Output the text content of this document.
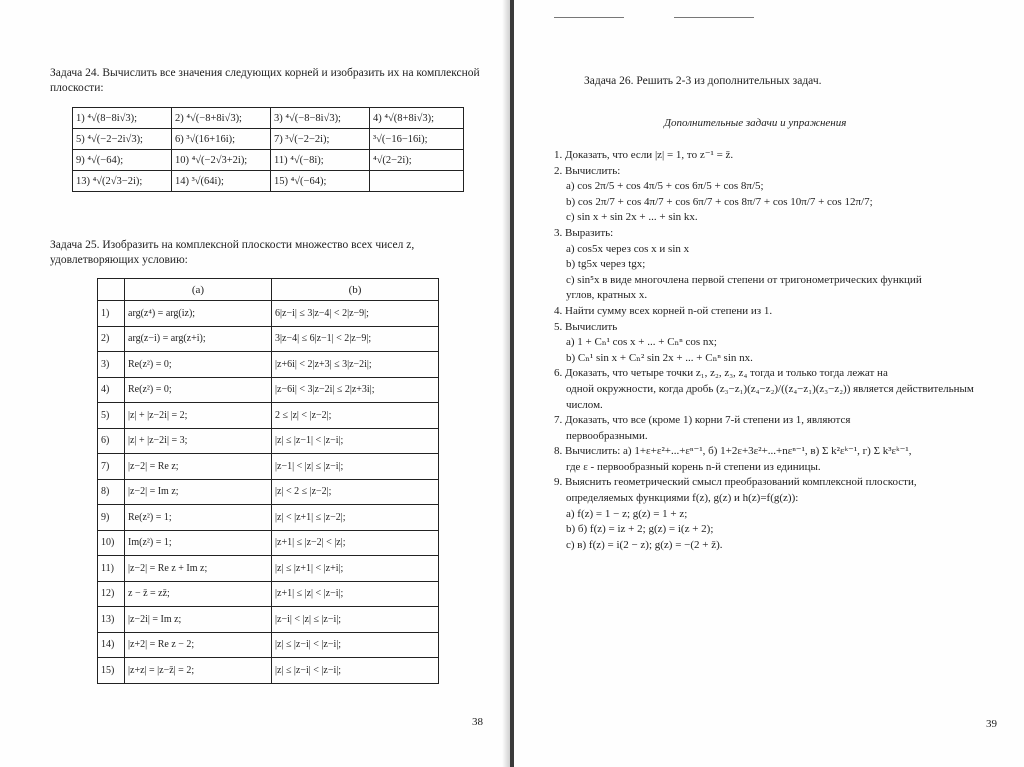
Задача 24. Вычислить все значения следующих корней и изобразить их на комплексной плоскости:
1) ⁴√(8−8i√3);	2) ⁴√(−8+8i√3);	3) ⁴√(−8−8i√3);	4) ⁴√(8+8i√3);
5) ⁴√(−2−2i√3);	6) ³√(16+16i);	7) ³√(−2−2i);	³√(−16−16i);
9) ⁴√(−64);	10) ⁴√(−2√3+2i);	11) ⁴√(−8i);	⁴√(2−2i);
13) ⁴√(2√3−2i);	14) ³√(64i);	15) ⁴√(−64);	
Задача 25. Изобразить на комплексной плоскости множество всех чисел z, удовлетворяющих условию:
	(a)	(b)
1)	arg(z⁴) = arg(iz);	6|z−i| ≤ 3|z−4| < 2|z−9|;
2)	arg(z−i) = arg(z+i);	3|z−4| ≤ 6|z−1| < 2|z−9|;
3)	Re(z²) = 0;	|z+6i| < 2|z+3| ≤ 3|z−2i|;
4)	Re(z²) = 0;	|z−6i| < 3|z−2i| ≤ 2|z+3i|;
5)	|z| + |z−2i| = 2;	2 ≤ |z| < |z−2|;
6)	|z| + |z−2i| = 3;	|z| ≤ |z−1| < |z−i|;
7)	|z−2| = Re z;	|z−1| < |z| ≤ |z−i|;
8)	|z−2| = Im z;	|z| < 2 ≤ |z−2|;
9)	Re(z²) = 1;	|z| < |z+1| ≤ |z−2|;
10)	Im(z²) = 1;	|z+1| ≤ |z−2| < |z|;
11)	|z−2| = Re z + Im z;	|z| ≤ |z+1| < |z+i|;
12)	z − z̄ = zz̄;	|z+1| ≤ |z| < |z−i|;
13)	|z−2i| = Im z;	|z−i| < |z| ≤ |z−i|;
14)	|z+2| = Re z − 2;	|z| ≤ |z−i| < |z−i|;
15)	|z+z| = |z−z̄| = 2;	|z| ≤ |z−i| < |z−i|;
38
Задача 26. Решить 2-3 из дополнительных задач.
Дополнительные задачи и упражнения
1. Доказать, что если |z| = 1, то z⁻¹ = z̄.
2. Вычислить:
a) cos 2π/5 + cos 4π/5 + cos 6π/5 + cos 8π/5;
b) cos 2π/7 + cos 4π/7 + cos 6π/7 + cos 8π/7 + cos 10π/7 + cos 12π/7;
c) sin x + sin 2x + ... + sin kx.
3. Выразить:
a) cos5x через cos x и sin x
b) tg5x через tgx;
c) sin⁵x в виде многочлена первой степени от тригонометрических функций
углов, кратных x.
4. Найти сумму всех корней n-ой степени из 1.
5. Вычислить
a) 1 + Cₙ¹ cos x + ... + Cₙⁿ cos nx;
b) Cₙ¹ sin x + Cₙ² sin 2x + ... + Cₙⁿ sin nx.
6. Доказать, что четыре точки z₁, z₂, z₃, z₄ тогда и только тогда лежат на
одной окружности, когда дробь (z₃−z₁)(z₄−z₂)/((z₄−z₁)(z₃−z₂)) является действительным
числом.
7. Доказать, что все (кроме 1) корни 7-й степени из 1, являются
первообразными.
8. Вычислить: а) 1+ε+ε²+...+εⁿ⁻¹, б) 1+2ε+3ε²+...+nεⁿ⁻¹, в) Σ k²εᵏ⁻¹, г) Σ k³εᵏ⁻¹,
где ε - первообразный корень n-й степени из единицы.
9. Выяснить геометрический смысл преобразований комплексной плоскости,
определяемых функциями f(z), g(z) и h(z)=f(g(z)):
a) f(z) = 1 − z; g(z) = 1 + z;
b) б) f(z) = iz + 2; g(z) = i(z + 2);
c) в) f(z) = i(2 − z); g(z) = −(2 + z̄).
39
